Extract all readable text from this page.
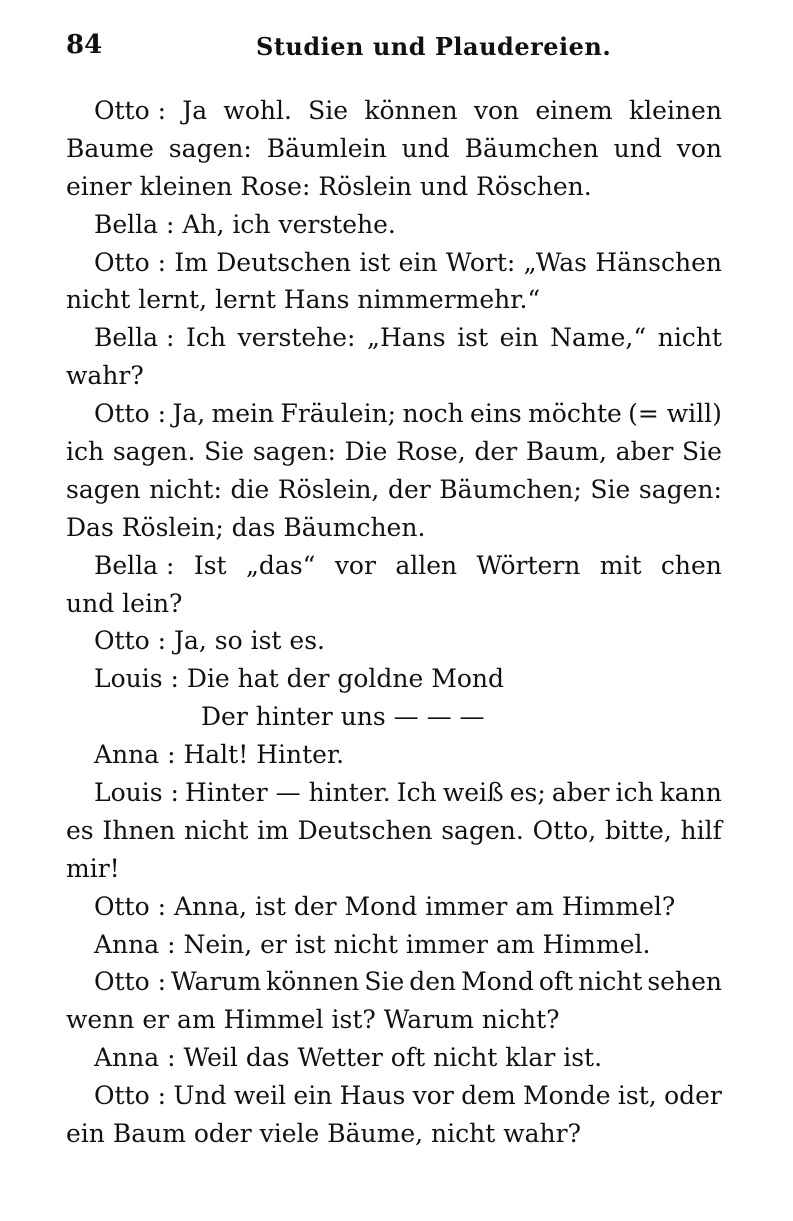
84	Studien und Plaudereien.
Otto : Ja wohl. Sie können von einem kleinen
Baume sagen: Bäumlein und Bäumchen und von
einer kleinen Rose: Röslein und Röschen.
Bella : Ah, ich verstehe.
Otto : Im Deutschen ist ein Wort: „Was Hänschen
nicht lernt, lernt Hans nimmermehr.“
Bella : Ich verstehe: „Hans ist ein Name,“ nicht
wahr?
Otto : Ja, mein Fräulein; noch eins möchte (= will)
ich sagen. Sie sagen: Die Rose, der Baum, aber Sie
sagen nicht: die Röslein, der Bäumchen; Sie sagen:
Das Röslein; das Bäumchen.
Bella : Ist „das“ vor allen Wörtern mit chen
und lein?
Otto : Ja, so ist es.
Louis : Die hat der goldne Mond
Der hinter uns — — —
Anna : Halt! Hinter.
Louis : Hinter — hinter. Ich weiß es; aber ich kann
es Ihnen nicht im Deutschen sagen. Otto, bitte, hilf
mir!
Otto : Anna, ist der Mond immer am Himmel?
Anna : Nein, er ist nicht immer am Himmel.
Otto : Warum können Sie den Mond oft nicht sehen
wenn er am Himmel ist? Warum nicht?
Anna : Weil das Wetter oft nicht klar ist.
Otto : Und weil ein Haus vor dem Monde ist, oder
ein Baum oder viele Bäume, nicht wahr?
